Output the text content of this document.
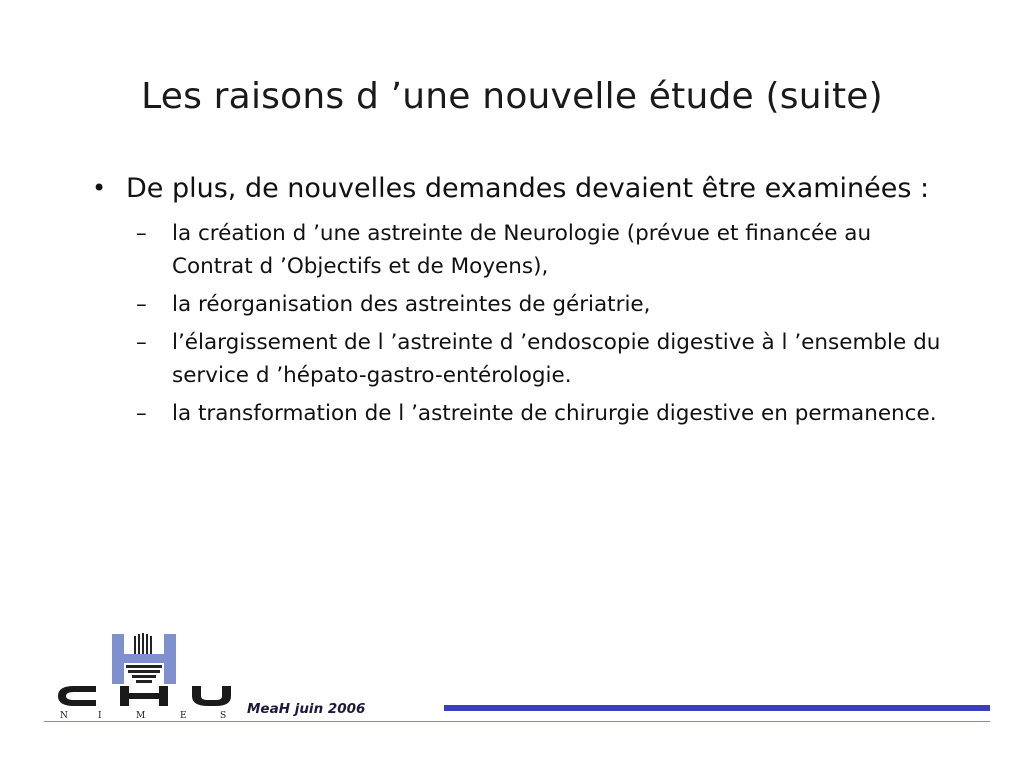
Les raisons d ’une nouvelle étude (suite)
• De plus, de nouvelles demandes devaient être examinées :
– la création d ’une astreinte de Neurologie (prévue et financée au Contrat d ’Objectifs et de Moyens),
– la réorganisation des astreintes de gériatrie,
– l’élargissement de l ’astreinte d ’endoscopie digestive à l ’ensemble du service d ’hépato-gastro-entérologie.
– la transformation de l ’astreinte de chirurgie digestive en permanence.
N	I	M	E	S MeaH juin 2006
